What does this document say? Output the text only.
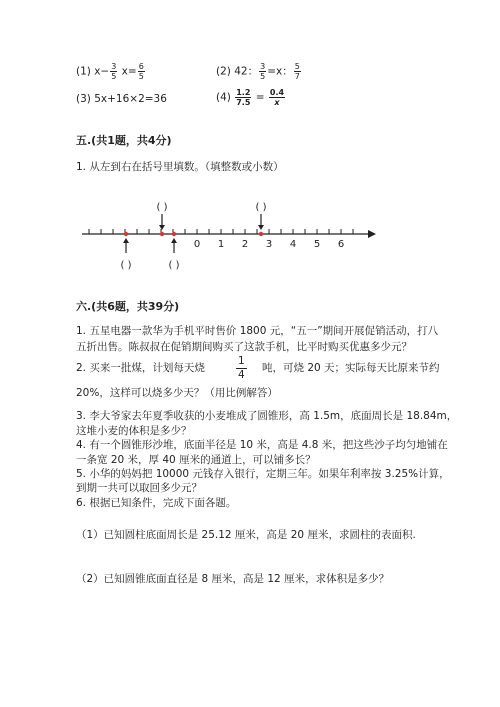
(1) $x- \frac{3}{5} x= \frac{6}{5}$	(2) 42： $\frac{3}{5} =x$： $\frac{5}{7}$
(3) 5x+16×2=36	$(4) \frac{1.2}{7.5} = \frac{0.4}{x}$
五.(共1题，共4分)
1. 从左到右在括号里填数。（填整数或小数）
0 1 2 3 4 5 6
( )	( )
( )	( )
六.(共6题，共39分)
1. 五星电器一款华为手机平时售价 1800 元，“五一”期间开展促销活动，打八
五折出售。陈叔叔在促销期间购买了这款手机，比平时购买优惠多少元？
2. 买来一批煤，计划每天烧
1
4
吨，可烧 20 天；实际每天比原来节约
20%，这样可以烧多少天？（用比例解答）
3. 李大爷家去年夏季收获的小麦堆成了圆锥形，高 1.5m，底面周长是 18.84m，
这堆小麦的体积是多少？
4. 有一个圆锥形沙堆，底面半径是 10 米，高是 4.8 米，把这些沙子均匀地铺在
一条宽 20 米，厚 40 厘米的通道上，可以铺多长？
5. 小华的妈妈把 10000 元钱存入银行，定期三年。如果年利率按 3.25%计算，
到期一共可以取回多少元？
6. 根据已知条件，完成下面各题。
（1）已知圆柱底面周长是 25.12 厘米，高是 20 厘米，求圆柱的表面积.
（2）已知圆锥底面直径是 8 厘米，高是 12 厘米，求体积是多少？
